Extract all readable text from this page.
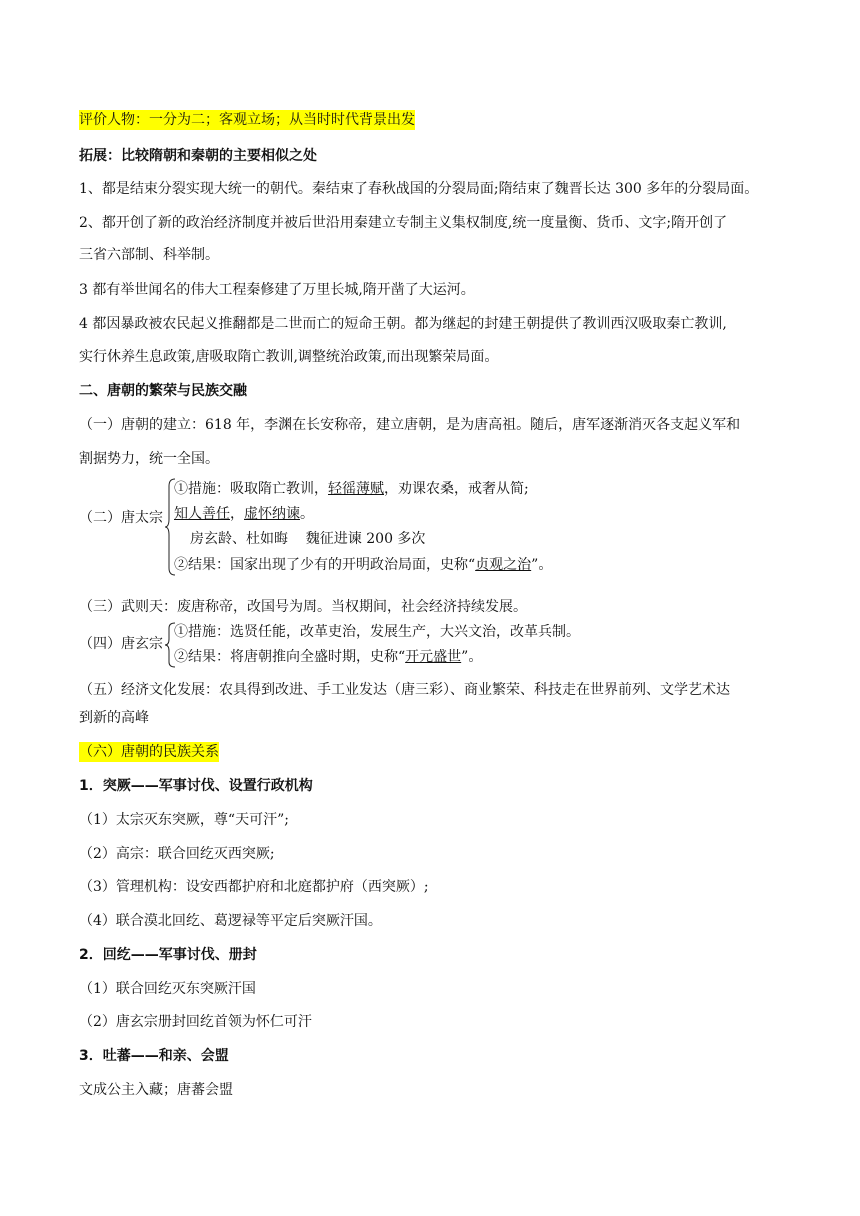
评价人物：一分为二；客观立场；从当时时代背景出发
拓展：比较隋朝和秦朝的主要相似之处
1、都是结束分裂实现大统一的朝代。秦结束了春秋战国的分裂局面;隋结束了魏晋长达 300 多年的分裂局面。
2、都开创了新的政治经济制度并被后世沿用秦建立专制主义集权制度,统一度量衡、货币、文字;隋开创了
三省六部制、科举制。
3 都有举世闻名的伟大工程秦修建了万里长城,隋开凿了大运河。
4 都因暴政被农民起义推翻都是二世而亡的短命王朝。都为继起的封建王朝提供了教训西汉吸取秦亡教训,
实行休养生息政策,唐吸取隋亡教训,调整统治政策,而出现繁荣局面。
二、唐朝的繁荣与民族交融
（一）唐朝的建立：618 年，李渊在长安称帝，建立唐朝，是为唐高祖。随后，唐军逐渐消灭各支起义军和
割据势力，统一全国。
（二）唐太宗
①措施：吸取隋亡教训，轻徭薄赋，劝课农桑，戒奢从简;
知人善任，虚怀纳谏。
房玄龄、杜如晦    魏征进谏 200 多次
②结果：国家出现了少有的开明政治局面，史称“贞观之治”。
（三）武则天：废唐称帝，改国号为周。当权期间，社会经济持续发展。
（四）唐玄宗
①措施：选贤任能，改革吏治，发展生产，大兴文治，改革兵制。
②结果：将唐朝推向全盛时期，史称“开元盛世”。
（五）经济文化发展：农具得到改进、手工业发达（唐三彩）、商业繁荣、科技走在世界前列、文学艺术达
到新的高峰
（六）唐朝的民族关系
1．突厥——军事讨伐、设置行政机构
（1）太宗灭东突厥，尊“天可汗”;
（2）高宗：联合回纥灭西突厥;
（3）管理机构：设安西都护府和北庭都护府（西突厥）;
（4）联合漠北回纥、葛逻禄等平定后突厥汗国。
2．回纥——军事讨伐、册封
（1）联合回纥灭东突厥汗国
（2）唐玄宗册封回纥首领为怀仁可汗
3．吐蕃——和亲、会盟
文成公主入藏；唐蕃会盟
